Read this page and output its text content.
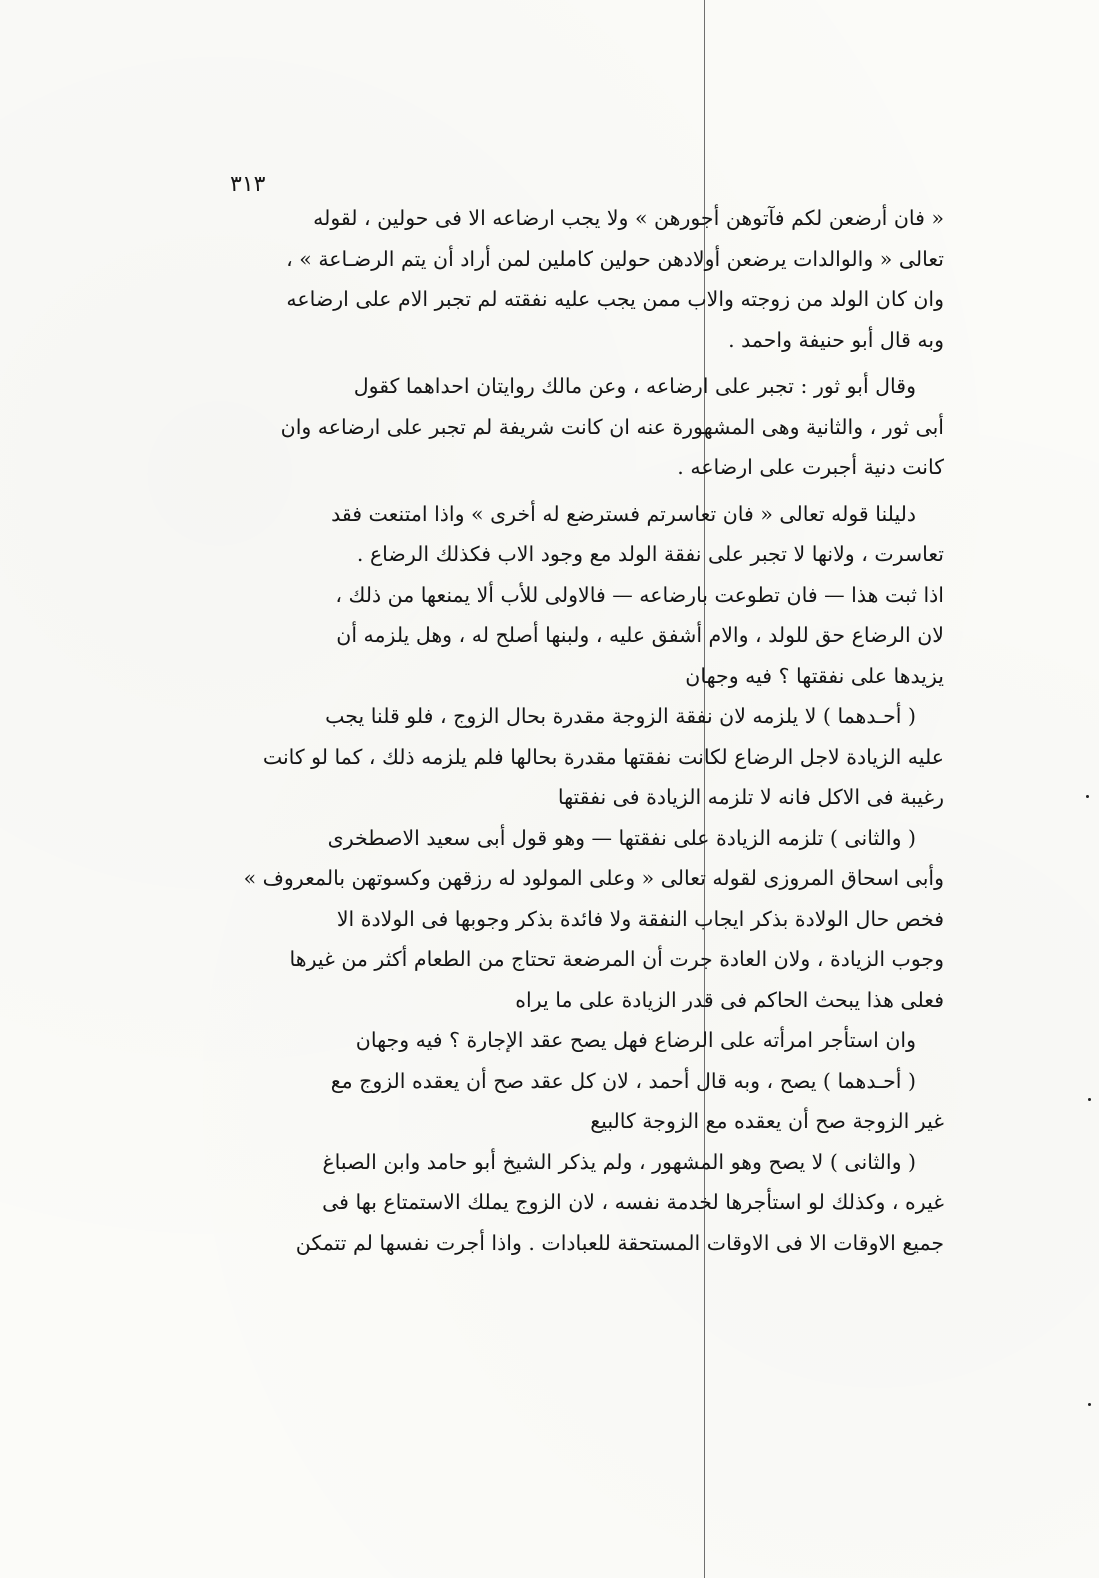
٣١٣
« فان أرضعن لكم فآتوهن أجورهن » ولا يجب ارضاعه الا فى حولين ، لقوله
تعالى « والوالدات يرضعن أولادهن حولين كاملين لمن أراد أن يتم الرضـاعة » ،
وان كان الولد من زوجته والاب ممن يجب عليه نفقته لم تجبر الام على ارضاعه
وبه قال أبو حنيفة واحمد .
وقال أبو ثور : تجبر على ارضاعه ، وعن مالك روايتان احداهما كقول
أبى ثور ، والثانية وهى المشهورة عنه ان كانت شريفة لم تجبر على ارضاعه وان
كانت دنية أجبرت على ارضاعه .
دليلنا قوله تعالى « فان تعاسرتم فسترضع له أخرى » واذا امتنعت فقد
تعاسرت ، ولانها لا تجبر على نفقة الولد مع وجود الاب فكذلك الرضاع .
اذا ثبت هذا — فان تطوعت بارضاعه — فالاولى للأب ألا يمنعها من ذلك ،
لان الرضاع حق للولد ، والام أشفق عليه ، ولبنها أصلح له ، وهل يلزمه أن
يزيدها على نفقتها ؟ فيه وجهان
( أحـدهما ) لا يلزمه لان نفقة الزوجة مقدرة بحال الزوج ، فلو قلنا يجب
عليه الزيادة لاجل الرضاع لكانت نفقتها مقدرة بحالها فلم يلزمه ذلك ، كما لو كانت
رغيبة فى الاكل فانه لا تلزمه الزيادة فى نفقتها
( والثانى ) تلزمه الزيادة على نفقتها — وهو قول أبى سعيد الاصطخرى
وأبى اسحاق المروزى لقوله تعالى « وعلى المولود له رزقهن وكسوتهن بالمعروف »
فخص حال الولادة بذكر ايجاب النفقة ولا فائدة بذكر وجوبها فى الولادة الا
وجوب الزيادة ، ولان العادة جرت أن المرضعة تحتاج من الطعام أكثر من غيرها
فعلى هذا يبحث الحاكم فى قدر الزيادة على ما يراه
وان استأجر امرأته على الرضاع فهل يصح عقد الإجارة ؟ فيه وجهان
( أحـدهما ) يصح ، وبه قال أحمد ، لان كل عقد صح أن يعقده الزوج مع
غير الزوجة صح أن يعقده مع الزوجة كالبيع
( والثانى ) لا يصح وهو المشهور ، ولم يذكر الشيخ أبو حامد وابن الصباغ
غيره ، وكذلك لو استأجرها لخدمة نفسه ، لان الزوج يملك الاستمتاع بها فى
جميع الاوقات الا فى الاوقات المستحقة للعبادات . واذا أجرت نفسها لم تتمكن
